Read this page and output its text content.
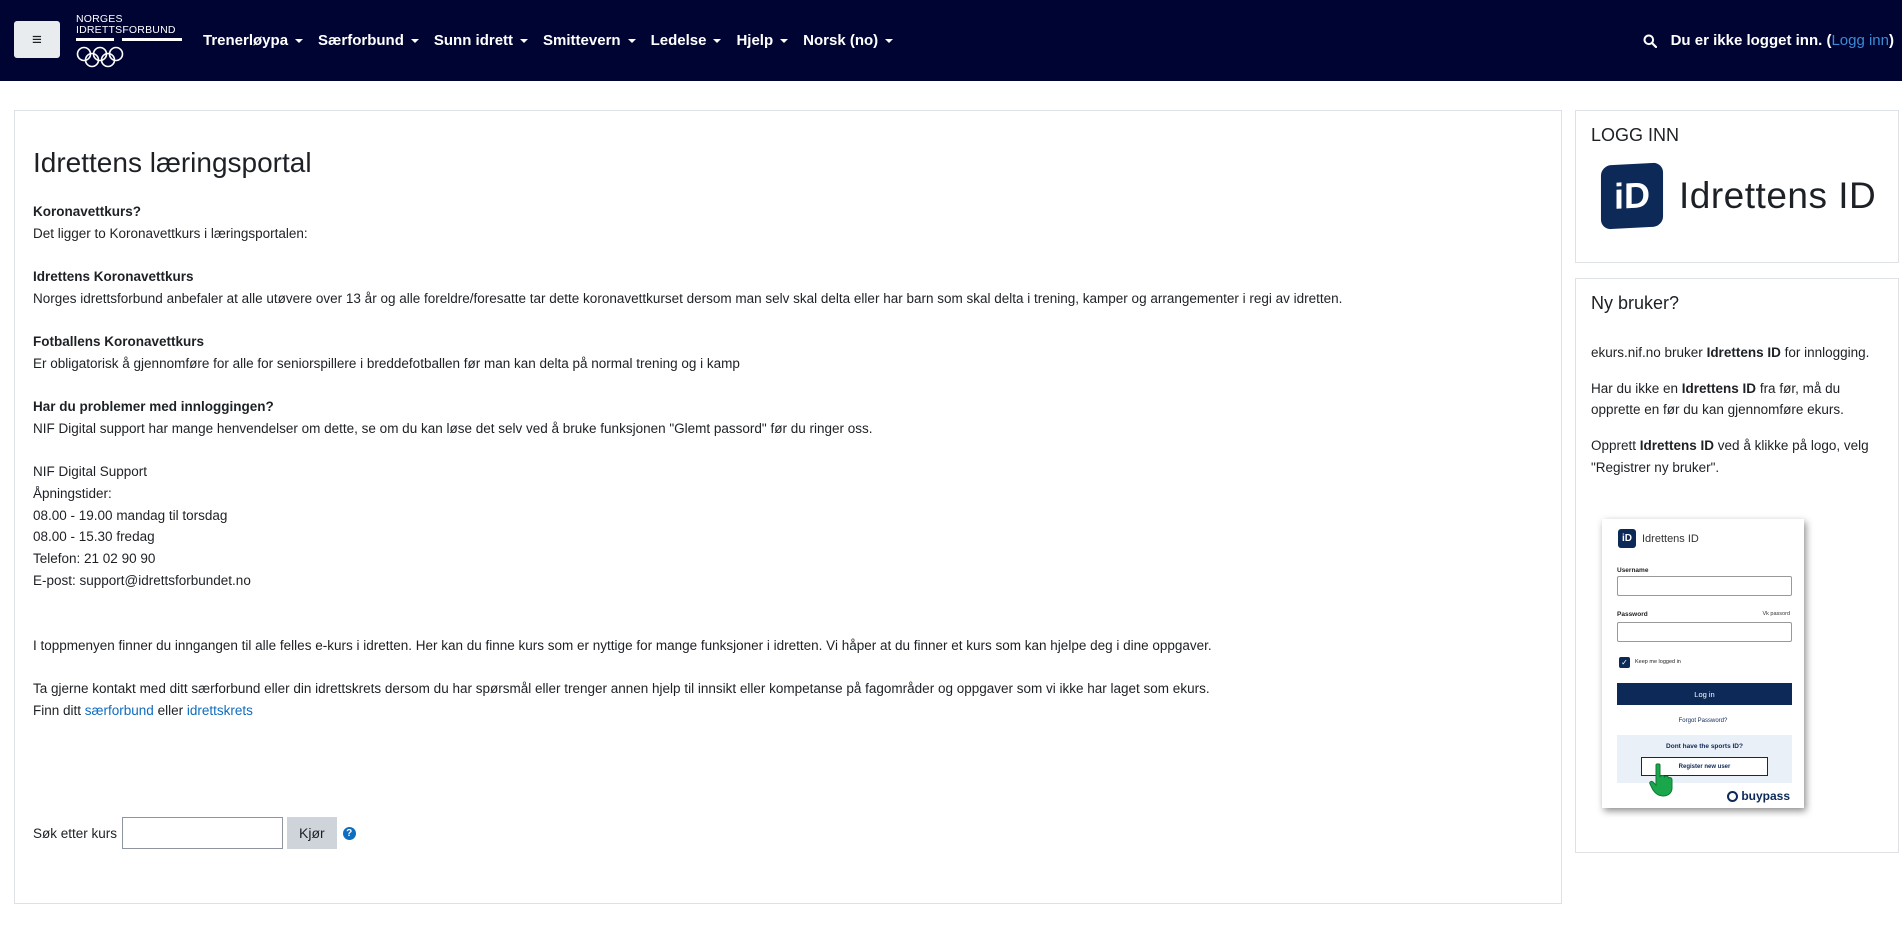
≡
NORGES
IDRETTSFORBUND
Trenerløypa Særforbund Sunn idrett Smittevern Ledelse Hjelp Norsk (no)	Du er ikke logget inn. ( Logg inn )
Idrettens læringsportal

Koronavettkurs?

Det ligger to Koronavettkurs i læringsportalen:

Idrettens Koronavettkurs

Norges idrettsforbund anbefaler at alle utøvere over 13 år og alle foreldre/foresatte tar dette koronavettkurset dersom man selv skal delta eller har barn som skal delta i trening, kamper og arrangementer i regi av idretten.

Fotballens Koronavettkurs

Er obligatorisk å gjennomføre for alle for seniorspillere i breddefotballen før man kan delta på normal trening og i kamp

Har du problemer med innloggingen?

NIF Digital support har mange henvendelser om dette, se om du kan løse det selv ved å bruke funksjonen "Glemt passord" før du ringer oss.

NIF Digital Support

Åpningstider:

08.00 - 19.00 mandag til torsdag

08.00 - 15.30 fredag

Telefon: 21 02 90 90

E-post: support@idrettsforbundet.no

I toppmenyen finner du inngangen til alle felles e-kurs i idretten. Her kan du finne kurs som er nyttige for mange funksjoner i idretten. Vi håper at du finner et kurs som kan hjelpe deg i dine oppgaver.

Ta gjerne kontakt med ditt særforbund eller din idrettskrets dersom du har spørsmål eller trenger annen hjelp til innsikt eller kompetanse på fagområder og oppgaver som vi ikke har laget som ekurs.

Finn ditt særforbund eller idrettskrets

Søk etter kurs	Kjør	?
LOGG INN
iD Idrettens ID
Ny bruker?

ekurs.nif.no bruker Idrettens ID for innlogging.

Har du ikke en Idrettens ID fra før, må du opprette en før du kan gjennomføre ekurs.

Opprett Idrettens ID ved å klikke på logo, velg "Registrer ny bruker".

iD Idrettens ID
Username
Password	Vk passord
✓	Keep me logged in
Log in
Forgot Password?
Dont have the sports ID?
Register new user
buypass
